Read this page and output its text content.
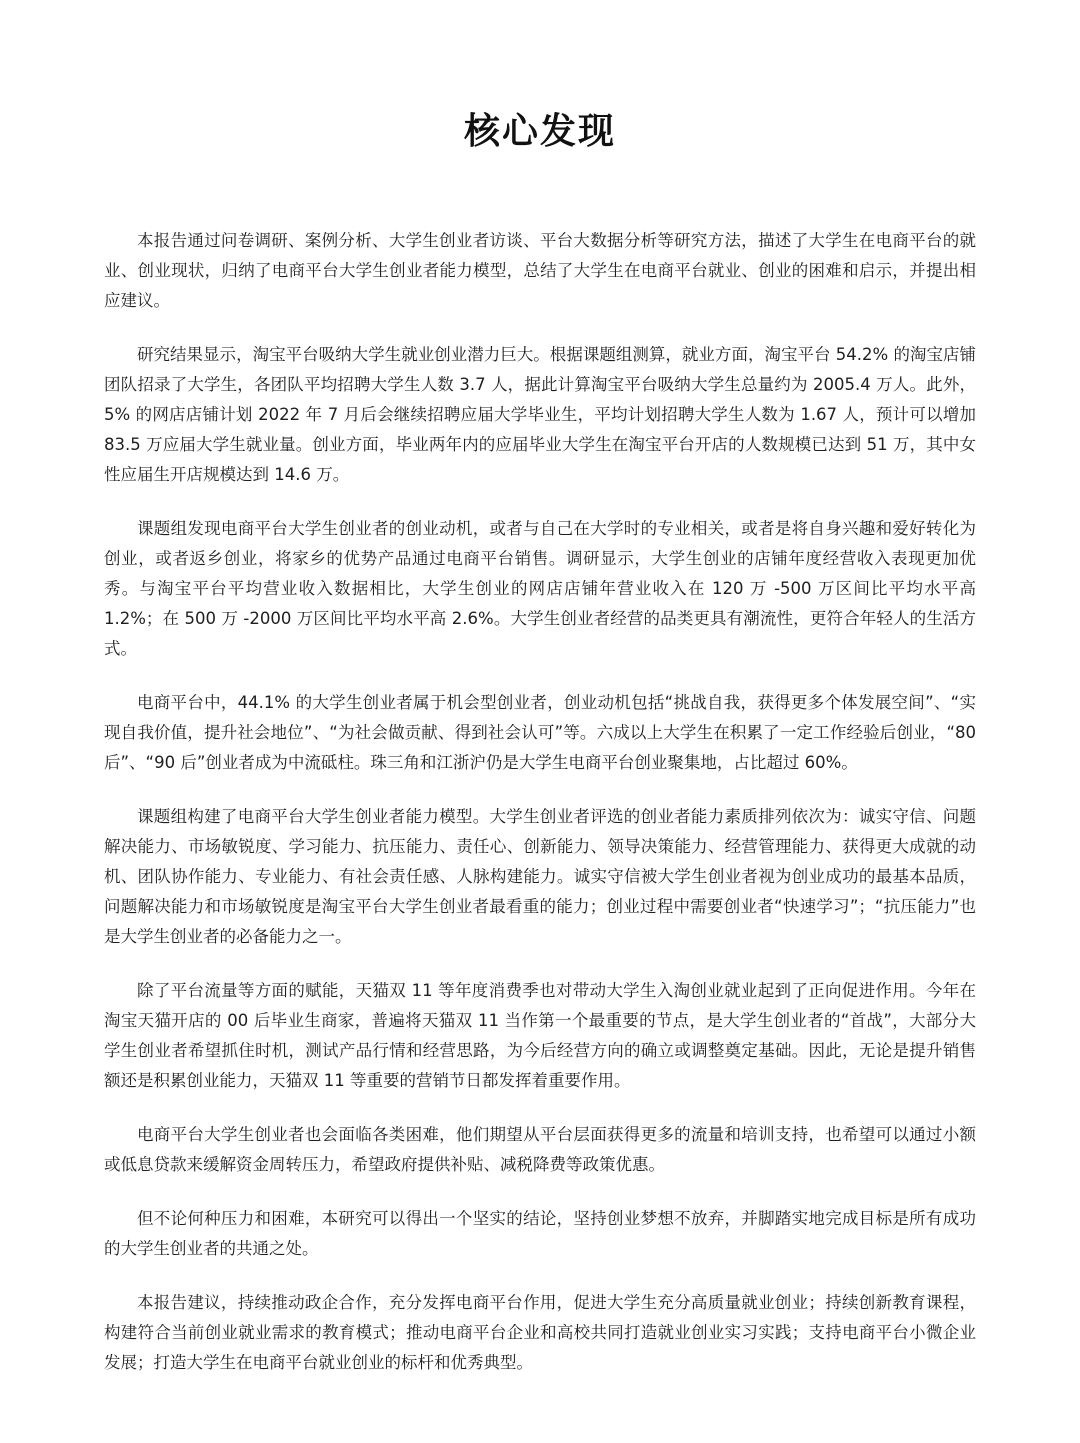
核心发现

本报告通过问卷调研、案例分析、大学生创业者访谈、平台大数据分析等研究方法，描述了大学生在电商平台的就业、创业现状，归纳了电商平台大学生创业者能力模型，总结了大学生在电商平台就业、创业的困难和启示，并提出相应建议。

研究结果显示，淘宝平台吸纳大学生就业创业潜力巨大。根据课题组测算，就业方面，淘宝平台 54.2% 的淘宝店铺团队招录了大学生，各团队平均招聘大学生人数 3.7 人，据此计算淘宝平台吸纳大学生总量约为 2005.4 万人。此外，5% 的网店店铺计划 2022 年 7 月后会继续招聘应届大学毕业生，平均计划招聘大学生人数为 1.67 人，预计可以增加 83.5 万应届大学生就业量。创业方面，毕业两年内的应届毕业大学生在淘宝平台开店的人数规模已达到 51 万，其中女性应届生开店规模达到 14.6 万。

课题组发现电商平台大学生创业者的创业动机，或者与自己在大学时的专业相关，或者是将自身兴趣和爱好转化为创业，或者返乡创业，将家乡的优势产品通过电商平台销售。调研显示，大学生创业的店铺年度经营收入表现更加优秀。与淘宝平台平均营业收入数据相比，大学生创业的网店店铺年营业收入在 120 万 -500 万区间比平均水平高 1.2%；在 500 万 -2000 万区间比平均水平高 2.6%。大学生创业者经营的品类更具有潮流性，更符合年轻人的生活方式。

电商平台中，44.1% 的大学生创业者属于机会型创业者，创业动机包括“挑战自我，获得更多个体发展空间”、“实现自我价值，提升社会地位”、“为社会做贡献、得到社会认可”等。六成以上大学生在积累了一定工作经验后创业，“80 后”、“90 后”创业者成为中流砥柱。珠三角和江浙沪仍是大学生电商平台创业聚集地，占比超过 60%。

课题组构建了电商平台大学生创业者能力模型。大学生创业者评选的创业者能力素质排列依次为：诚实守信、问题解决能力、市场敏锐度、学习能力、抗压能力、责任心、创新能力、领导决策能力、经营管理能力、获得更大成就的动机、团队协作能力、专业能力、有社会责任感、人脉构建能力。诚实守信被大学生创业者视为创业成功的最基本品质，问题解决能力和市场敏锐度是淘宝平台大学生创业者最看重的能力；创业过程中需要创业者“快速学习”；“抗压能力”也是大学生创业者的必备能力之一。

除了平台流量等方面的赋能，天猫双 11 等年度消费季也对带动大学生入淘创业就业起到了正向促进作用。今年在淘宝天猫开店的 00 后毕业生商家，普遍将天猫双 11 当作第一个最重要的节点，是大学生创业者的“首战”，大部分大学生创业者希望抓住时机，测试产品行情和经营思路，为今后经营方向的确立或调整奠定基础。因此，无论是提升销售额还是积累创业能力，天猫双 11 等重要的营销节日都发挥着重要作用。

电商平台大学生创业者也会面临各类困难，他们期望从平台层面获得更多的流量和培训支持，也希望可以通过小额或低息贷款来缓解资金周转压力，希望政府提供补贴、减税降费等政策优惠。

但不论何种压力和困难，本研究可以得出一个坚实的结论，坚持创业梦想不放弃，并脚踏实地完成目标是所有成功的大学生创业者的共通之处。

本报告建议，持续推动政企合作，充分发挥电商平台作用，促进大学生充分高质量就业创业；持续创新教育课程，构建符合当前创业就业需求的教育模式；推动电商平台企业和高校共同打造就业创业实习实践；支持电商平台小微企业发展；打造大学生在电商平台就业创业的标杆和优秀典型。
